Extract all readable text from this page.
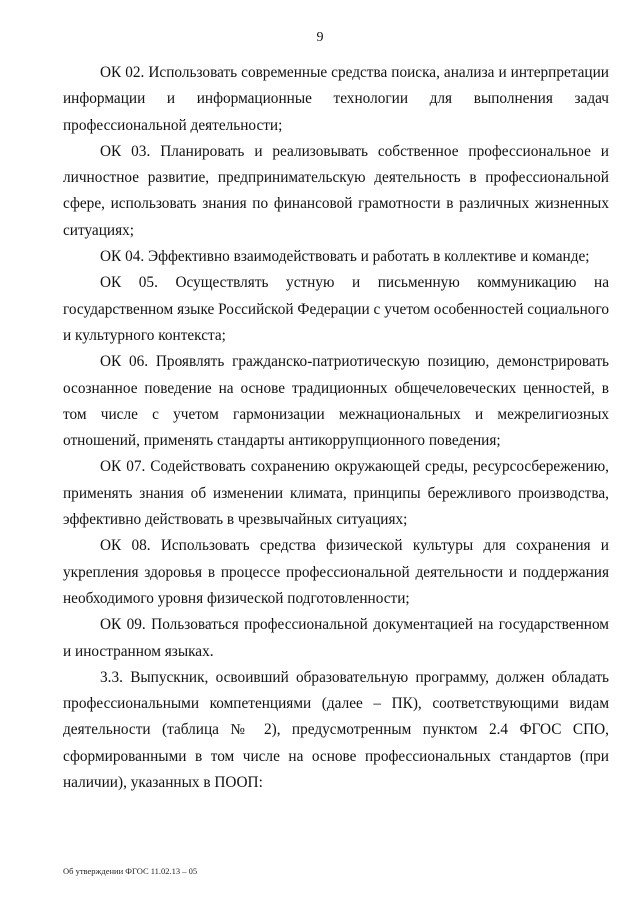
9

ОК 02. Использовать современные средства поиска, анализа и интерпретации информации и информационные технологии для выполнения задач профессиональной деятельности;

ОК 03. Планировать и реализовывать собственное профессиональное и личностное развитие, предпринимательскую деятельность в профессиональной сфере, использовать знания по финансовой грамотности в различных жизненных ситуациях;

ОК 04. Эффективно взаимодействовать и работать в коллективе и команде;

ОК 05. Осуществлять устную и письменную коммуникацию на государственном языке Российской Федерации с учетом особенностей социального и культурного контекста;

ОК 06. Проявлять гражданско-патриотическую позицию, демонстрировать осознанное поведение на основе традиционных общечеловеческих ценностей, в том числе с учетом гармонизации межнациональных и межрелигиозных отношений, применять стандарты антикоррупционного поведения;

ОК 07. Содействовать сохранению окружающей среды, ресурсосбережению, применять знания об изменении климата, принципы бережливого производства, эффективно действовать в чрезвычайных ситуациях;

ОК 08. Использовать средства физической культуры для сохранения и укрепления здоровья в процессе профессиональной деятельности и поддержания необходимого уровня физической подготовленности;

ОК 09. Пользоваться профессиональной документацией на государственном и иностранном языках.

3.3. Выпускник, освоивший образовательную программу, должен обладать профессиональными компетенциями (далее – ПК), соответствующими видам деятельности (таблица № 2), предусмотренным пунктом 2.4 ФГОС СПО, сформированными в том числе на основе профессиональных стандартов (при наличии), указанных в ПООП:

Об утверждении ФГОС 11.02.13 – 05
